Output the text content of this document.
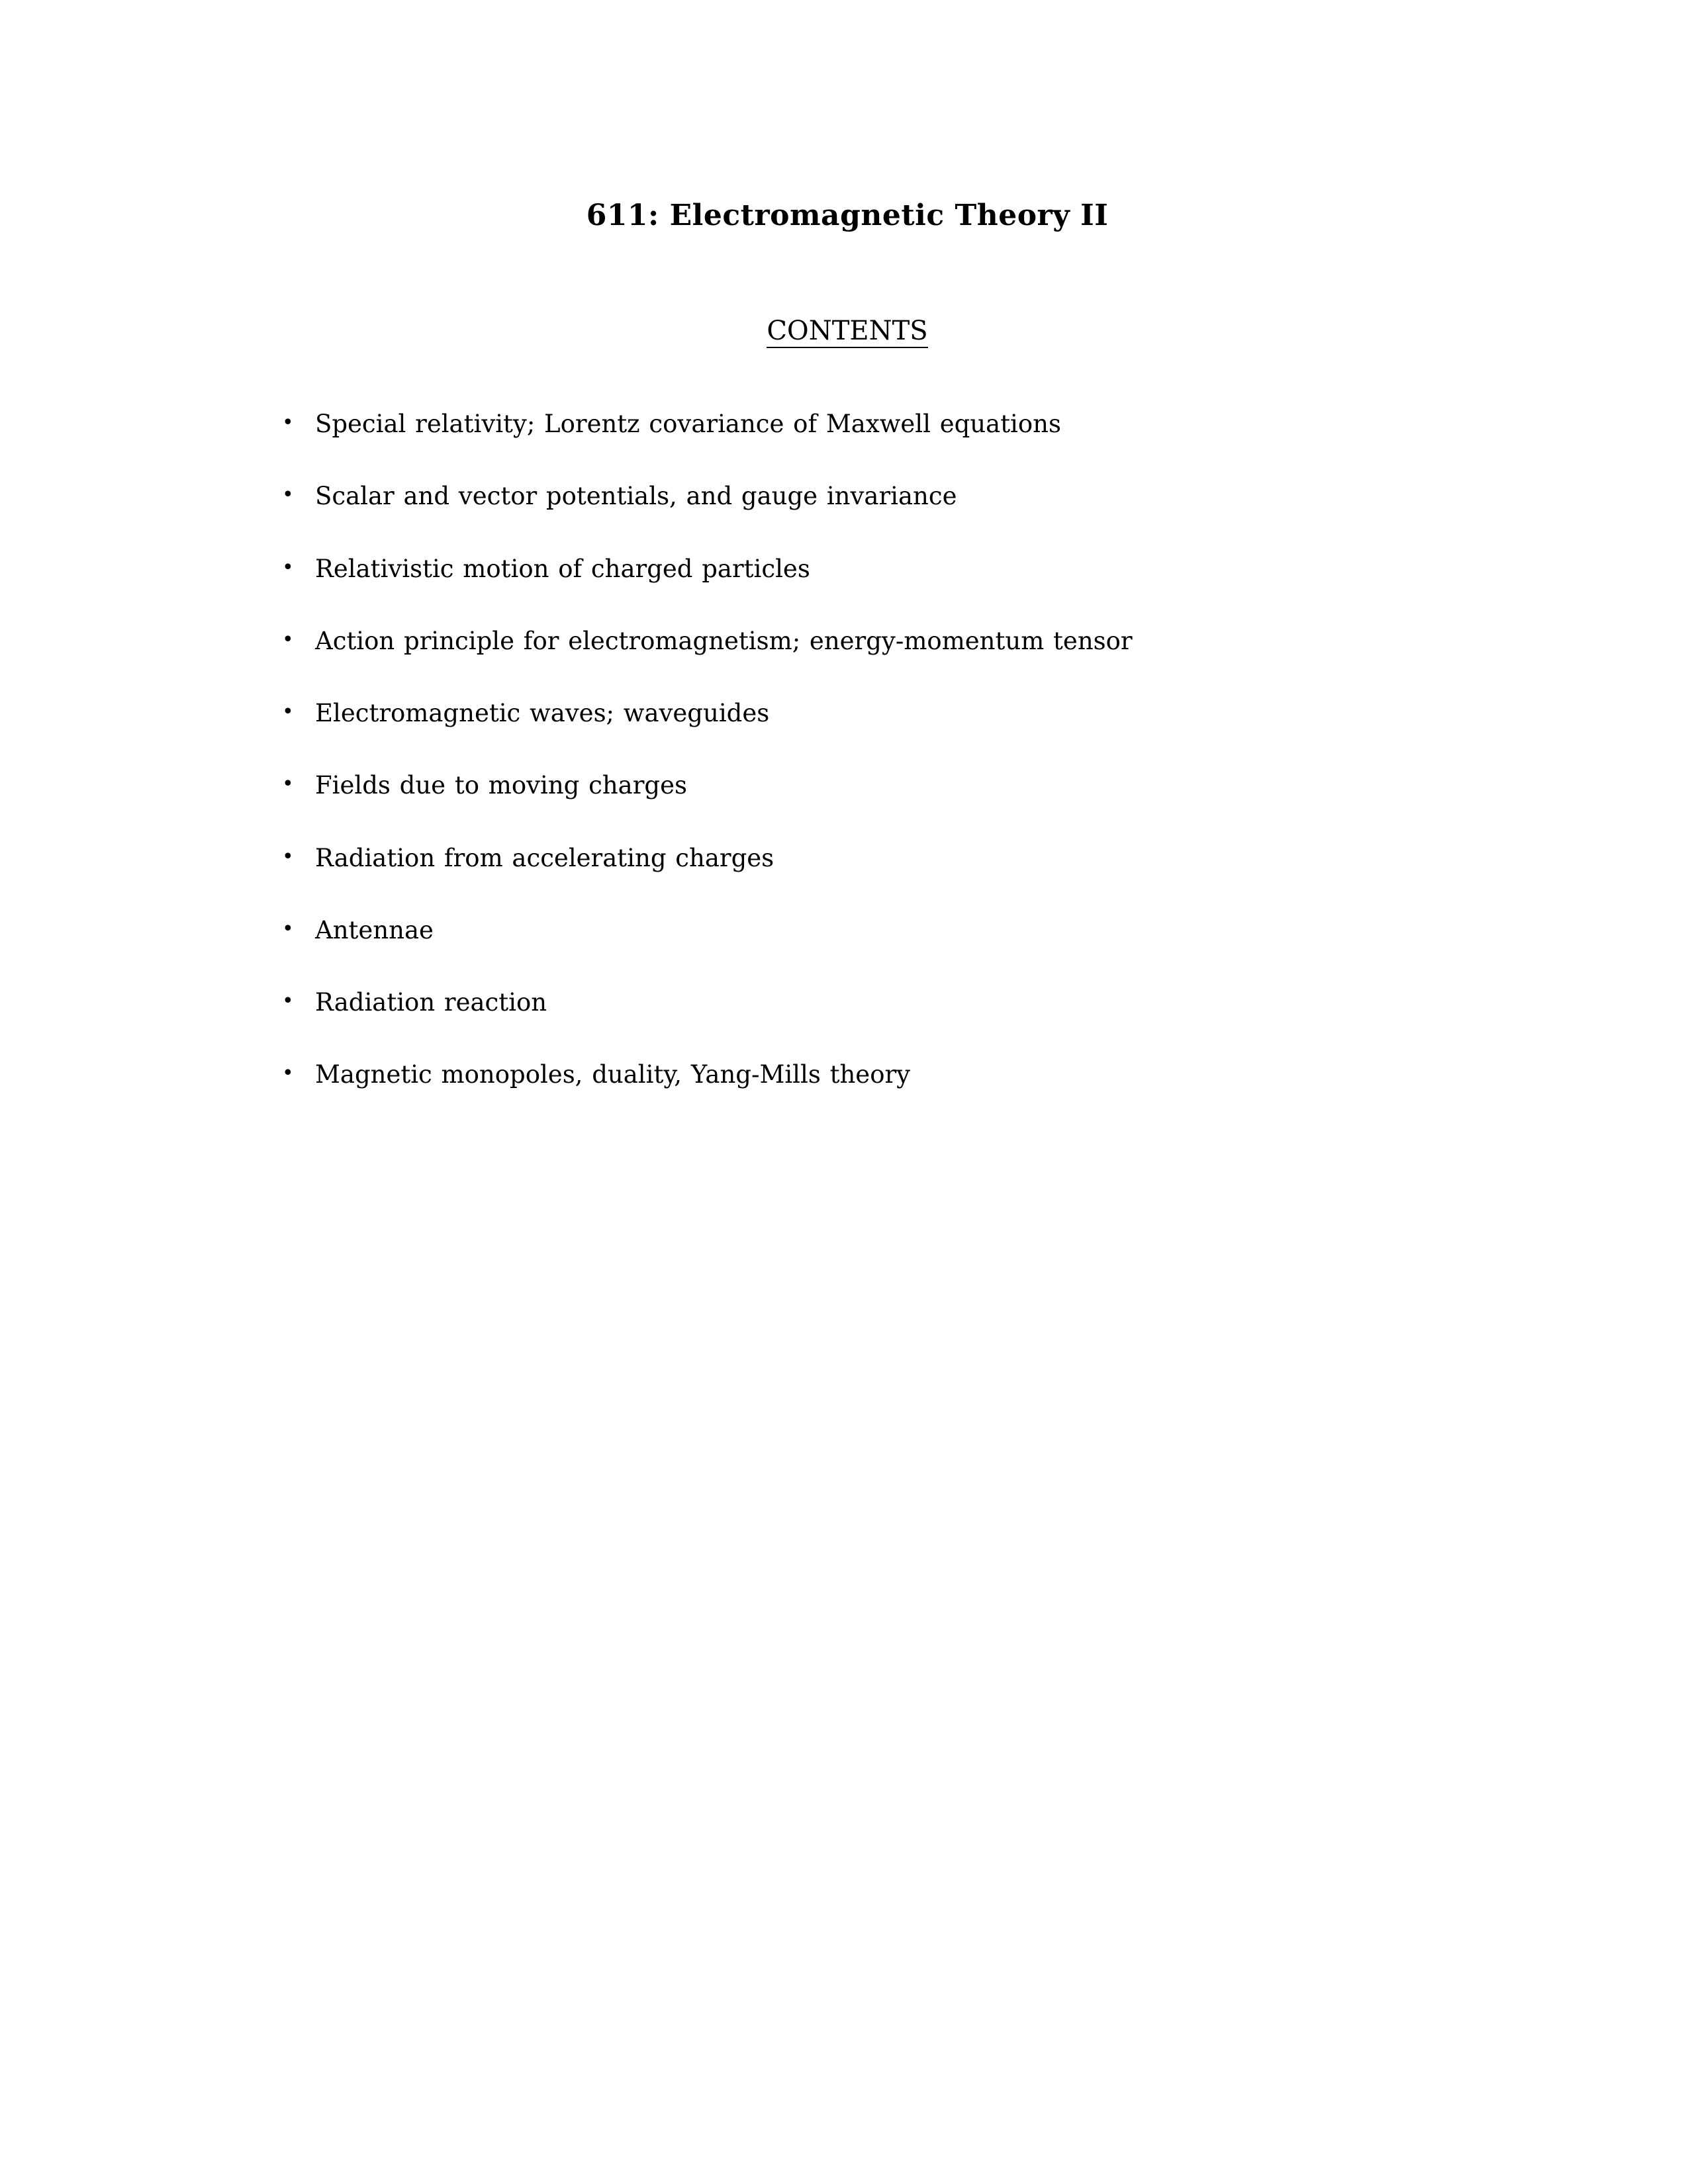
611: Electromagnetic Theory II
CONTENTS
• Special relativity; Lorentz covariance of Maxwell equations
• Scalar and vector potentials, and gauge invariance
• Relativistic motion of charged particles
• Action principle for electromagnetism; energy-momentum tensor
• Electromagnetic waves; waveguides
• Fields due to moving charges
• Radiation from accelerating charges
• Antennae
• Radiation reaction
• Magnetic monopoles, duality, Yang-Mills theory
